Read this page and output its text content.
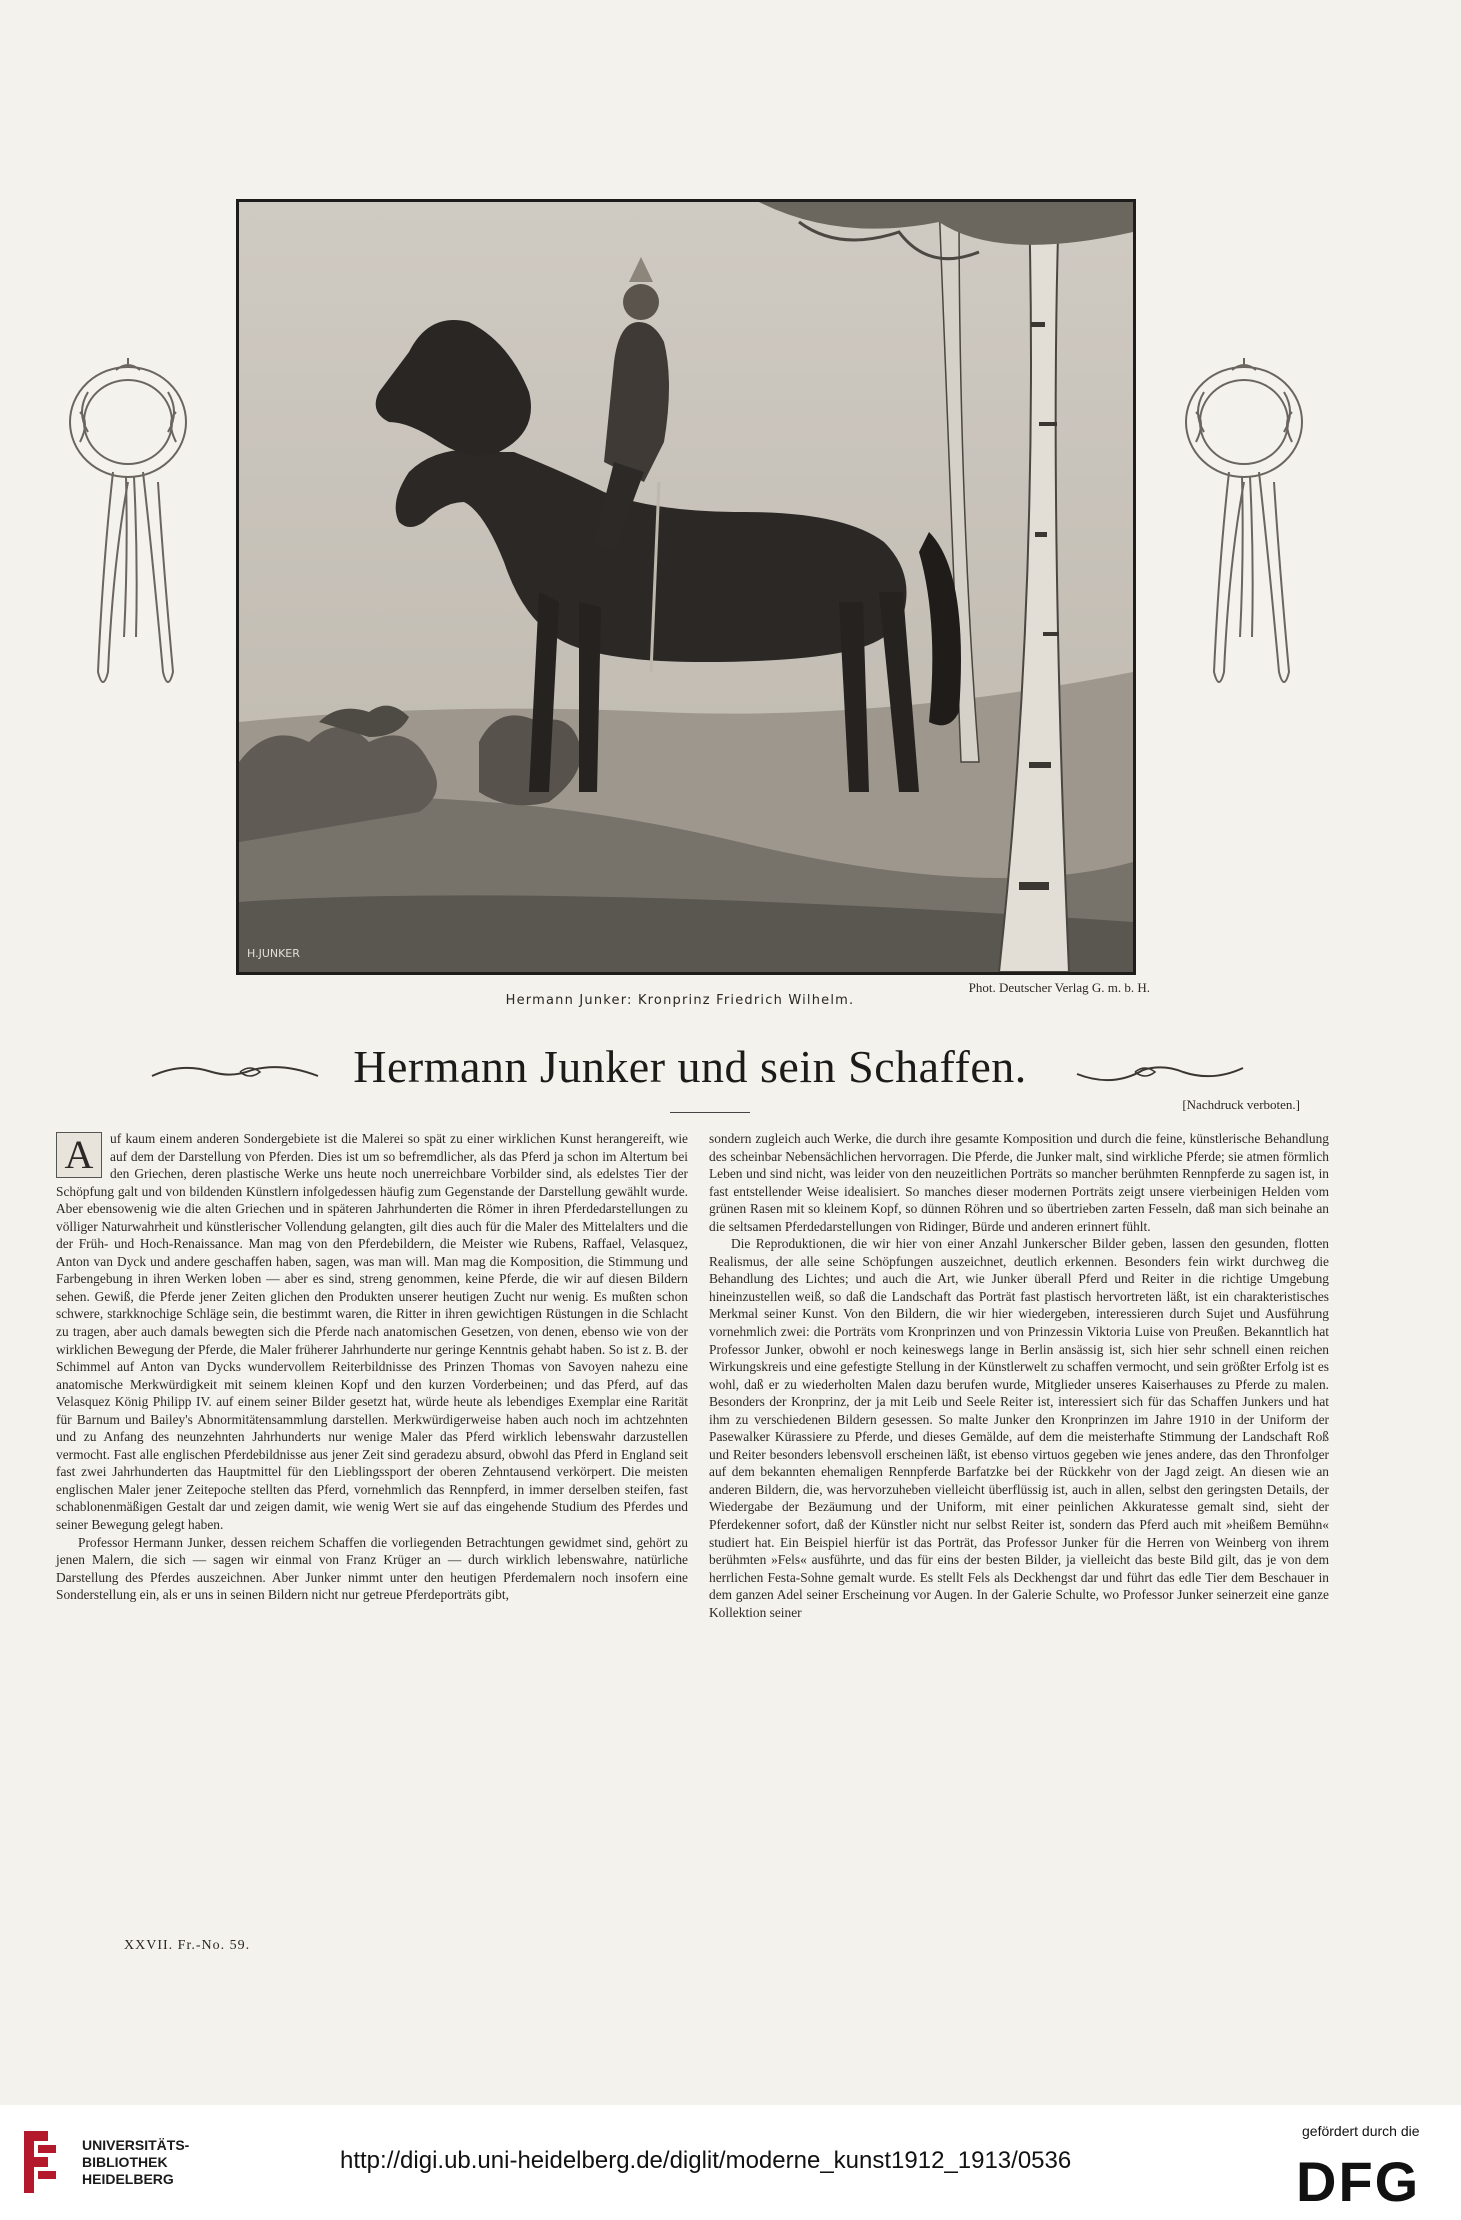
H.JUNKER
Hermann Junker: Kronprinz Friedrich Wilhelm.
Phot. Deutscher Verlag G. m. b. H.
Hermann Junker und sein Schaffen.
[Nachdruck verboten.]

A	uf kaum einem anderen Sondergebiete ist die Malerei so spät zu einer wirklichen Kunst herangereift, wie auf dem der Darstellung von Pferden. Dies ist um so befremdlicher, als das Pferd ja schon im Altertum bei den Griechen, deren plastische Werke uns heute noch unerreichbare Vorbilder sind, als edelstes Tier der Schöpfung galt und von bildenden Künstlern infolgedessen häufig zum Gegenstande der Darstellung gewählt wurde. Aber ebensowenig wie die alten Griechen und in späteren Jahrhunderten die Römer in ihren Pferdedarstellungen zu völliger Naturwahrheit und künstlerischer Vollendung gelangten, gilt dies auch für die Maler des Mittelalters und die der Früh- und Hoch-Renaissance. Man mag von den Pferdebildern, die Meister wie Rubens, Raffael, Velasquez, Anton van Dyck und andere geschaffen haben, sagen, was man will. Man mag die Komposition, die Stimmung und Farbengebung in ihren Werken loben — aber es sind, streng genommen, keine Pferde, die wir auf diesen Bildern sehen. Gewiß, die Pferde jener Zeiten glichen den Produkten unserer heutigen Zucht nur wenig. Es mußten schon schwere, starkknochige Schläge sein, die bestimmt waren, die Ritter in ihren gewichtigen Rüstungen in die Schlacht zu tragen, aber auch damals bewegten sich die Pferde nach anatomischen Gesetzen, von denen, ebenso wie von der wirklichen Bewegung der Pferde, die Maler früherer Jahrhunderte nur geringe Kenntnis gehabt haben. So ist z. B. der Schimmel auf Anton van Dycks wundervollem Reiterbildnisse des Prinzen Thomas von Savoyen nahezu eine anatomische Merkwürdigkeit mit seinem kleinen Kopf und den kurzen Vorderbeinen; und das Pferd, auf das Velasquez König Philipp IV. auf einem seiner Bilder gesetzt hat, würde heute als lebendiges Exemplar eine Rarität für Barnum und Bailey's Abnormitätensammlung darstellen. Merkwürdigerweise haben auch noch im achtzehnten und zu Anfang des neunzehnten Jahrhunderts nur wenige Maler das Pferd wirklich lebenswahr darzustellen vermocht. Fast alle englischen Pferdebildnisse aus jener Zeit sind geradezu absurd, obwohl das Pferd in England seit fast zwei Jahrhunderten das Hauptmittel für den Lieblingssport der oberen Zehntausend verkörpert. Die meisten englischen Maler jener Zeitepoche stellten das Pferd, vornehmlich das Rennpferd, in immer derselben steifen, fast schablonenmäßigen Gestalt dar und zeigen damit, wie wenig Wert sie auf das eingehende Studium des Pferdes und seiner Bewegung gelegt haben.

Professor Hermann Junker, dessen reichem Schaffen die vorliegenden Betrachtungen gewidmet sind, gehört zu jenen Malern, die sich — sagen wir einmal von Franz Krüger an — durch wirklich lebenswahre, natürliche Darstellung des Pferdes auszeichnen. Aber Junker nimmt unter den heutigen Pferdemalern noch insofern eine Sonderstellung ein, als er uns in seinen Bildern nicht nur getreue Pferdeporträts gibt,

sondern zugleich auch Werke, die durch ihre gesamte Komposition und durch die feine, künstlerische Behandlung des scheinbar Nebensächlichen hervorragen. Die Pferde, die Junker malt, sind wirkliche Pferde; sie atmen förmlich Leben und sind nicht, was leider von den neuzeitlichen Porträts so mancher berühmten Rennpferde zu sagen ist, in fast entstellender Weise idealisiert. So manches dieser modernen Porträts zeigt unsere vierbeinigen Helden vom grünen Rasen mit so kleinem Kopf, so dünnen Röhren und so übertrieben zarten Fesseln, daß man sich beinahe an die seltsamen Pferdedarstellungen von Ridinger, Bürde und anderen erinnert fühlt.

Die Reproduktionen, die wir hier von einer Anzahl Junkerscher Bilder geben, lassen den gesunden, flotten Realismus, der alle seine Schöpfungen auszeichnet, deutlich erkennen. Besonders fein wirkt durchweg die Behandlung des Lichtes; und auch die Art, wie Junker überall Pferd und Reiter in die richtige Umgebung hineinzustellen weiß, so daß die Landschaft das Porträt fast plastisch hervortreten läßt, ist ein charakteristisches Merkmal seiner Kunst. Von den Bildern, die wir hier wiedergeben, interessieren durch Sujet und Ausführung vornehmlich zwei: die Porträts vom Kronprinzen und von Prinzessin Viktoria Luise von Preußen. Bekanntlich hat Professor Junker, obwohl er noch keineswegs lange in Berlin ansässig ist, sich hier sehr schnell einen reichen Wirkungskreis und eine gefestigte Stellung in der Künstlerwelt zu schaffen vermocht, und sein größter Erfolg ist es wohl, daß er zu wiederholten Malen dazu berufen wurde, Mitglieder unseres Kaiserhauses zu Pferde zu malen. Besonders der Kronprinz, der ja mit Leib und Seele Reiter ist, interessiert sich für das Schaffen Junkers und hat ihm zu verschiedenen Bildern gesessen. So malte Junker den Kronprinzen im Jahre 1910 in der Uniform der Pasewalker Kürassiere zu Pferde, und dieses Gemälde, auf dem die meisterhafte Stimmung der Landschaft Roß und Reiter besonders lebensvoll erscheinen läßt, ist ebenso virtuos gegeben wie jenes andere, das den Thronfolger auf dem bekannten ehemaligen Rennpferde Barfatzke bei der Rückkehr von der Jagd zeigt. An diesen wie an anderen Bildern, die, was hervorzuheben vielleicht überflüssig ist, auch in allen, selbst den geringsten Details, der Wiedergabe der Bezäumung und der Uniform, mit einer peinlichen Akkuratesse gemalt sind, sieht der Pferdekenner sofort, daß der Künstler nicht nur selbst Reiter ist, sondern das Pferd auch mit »heißem Bemühn« studiert hat. Ein Beispiel hierfür ist das Porträt, das Professor Junker für die Herren von Weinberg von ihrem berühmten »Fels« ausführte, und das für eins der besten Bilder, ja vielleicht das beste Bild gilt, das je von dem herrlichen Festa-Sohne gemalt wurde. Es stellt Fels als Deckhengst dar und führt das edle Tier dem Beschauer in dem ganzen Adel seiner Erscheinung vor Augen. In der Galerie Schulte, wo Professor Junker seinerzeit eine ganze Kollektion seiner

XXVII. Fr.-No. 59.
UNIVERSITÄTS-
BIBLIOTHEK
HEIDELBERG
http://digi.ub.uni-heidelberg.de/diglit/moderne_kunst1912_1913/0536
gefördert durch die
DFG
